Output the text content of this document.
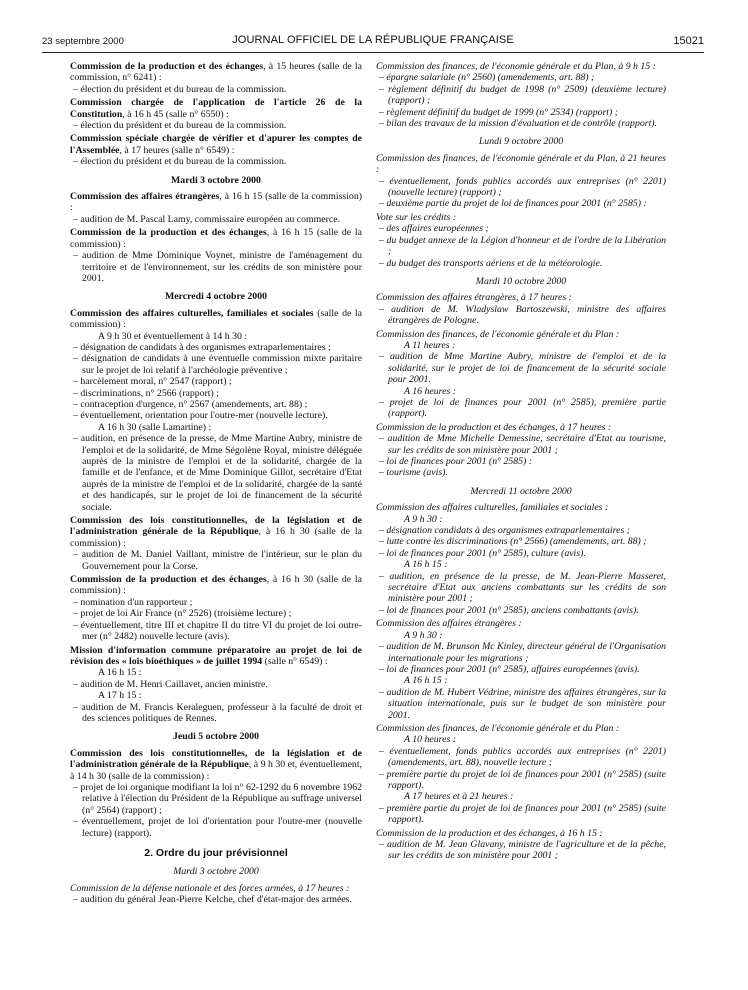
23 septembre 2000	JOURNAL OFFICIEL DE LA RÉPUBLIQUE FRANÇAISE	15021

Commission de la production et des échanges, à 15 heures (salle de la commission, n° 6241) :

– élection du président et du bureau de la commission.

Commission chargée de l'application de l'article 26 de la Constitution, à 16 h 45 (salle n° 6550) :

– élection du président et du bureau de la commission.

Commission spéciale chargée de vérifier et d'apurer les comptes de l'Assemblée, à 17 heures (salle n° 6549) :

– élection du président et du bureau de la commission.

Mardi 3 octobre 2000

Commission des affaires étrangères, à 16 h 15 (salle de la commission) :

– audition de M. Pascal Lamy, commissaire européen au commerce.

Commission de la production et des échanges, à 16 h 15 (salle de la commission) :

– audition de Mme Dominique Voynet, ministre de l'aménagement du territoire et de l'environnement, sur les crédits de son ministère pour 2001.

Mercredi 4 octobre 2000

Commission des affaires culturelles, familiales et sociales (salle de la commission) :

A 9 h 30 et éventuellement à 14 h 30 :

– désignation de candidats à des organismes extraparlementaires ;

– désignation de candidats à une éventuelle commission mixte paritaire sur le projet de loi relatif à l'archéologie préventive ;

– harcèlement moral, n° 2547 (rapport) ;

– discriminations, n° 2566 (rapport) ;

– contraception d'urgence, n° 2567 (amendements, art. 88) ;

– éventuellement, orientation pour l'outre-mer (nouvelle lecture).

A 16 h 30 (salle Lamartine) :

– audition, en présence de la presse, de Mme Martine Aubry, ministre de l'emploi et de la solidarité, de Mme Ségolène Royal, ministre déléguée auprès de la ministre de l'emploi et de la solidarité, chargée de la famille et de l'enfance, et de Mme Dominique Gillot, secrétaire d'Etat auprès de la ministre de l'emploi et de la solidarité, chargée de la santé et des handicapés, sur le projet de loi de financement de la sécurité sociale.

Commission des lois constitutionnelles, de la législation et de l'administration générale de la République, à 16 h 30 (salle de la commission) :

– audition de M. Daniel Vaillant, ministre de l'intérieur, sur le plan du Gouvernement pour la Corse.

Commission de la production et des échanges, à 16 h 30 (salle de la commission) :

– nomination d'un rapporteur ;

– projet de loi Air France (n° 2526) (troisième lecture) ;

– éventuellement, titre III et chapitre II du titre VI du projet de loi outre-mer (n° 2482) nouvelle lecture (avis).

Mission d'information commune préparatoire au projet de loi de révision des « lois bioéthiques » de juillet 1994 (salle n° 6549) :

A 16 h 15 :

– audition de M. Henri Caillavet, ancien ministre.

A 17 h 15 :

– audition de M. Francis Keraleguen, professeur à la faculté de droit et des sciences politiques de Rennes.

Jeudi 5 octobre 2000

Commission des lois constitutionnelles, de la législation et de l'administration générale de la République, à 9 h 30 et, éventuellement, à 14 h 30 (salle de la commission) :

– projet de loi organique modifiant la loi n° 62-1292 du 6 novembre 1962 relative à l'élection du Président de la République au suffrage universel (n° 2564) (rapport) ;

– éventuellement, projet de loi d'orientation pour l'outre-mer (nouvelle lecture) (rapport).

2. Ordre du jour prévisionnel

Mardi 3 octobre 2000

Commission de la défense nationale et des forces armées, à 17 heures :

– audition du général Jean-Pierre Kelche, chef d'état-major des armées.

Commission des finances, de l'économie générale et du Plan, à 9 h 15 :

– épargne salariale (n° 2560) (amendements, art. 88) ;

– règlement définitif du budget de 1998 (n° 2509) (deuxième lecture) (rapport) ;

– règlement définitif du budget de 1999 (n° 2534) (rapport) ;

– bilan des travaux de la mission d'évaluation et de contrôle (rapport).

Lundi 9 octobre 2000

Commission des finances, de l'économie générale et du Plan, à 21 heures :

– éventuellement, fonds publics accordés aux entreprises (n° 2201) (nouvelle lecture) (rapport) ;

– deuxième partie du projet de loi de finances pour 2001 (n° 2585) :

Vote sur les crédits :

– des affaires européennes ;

– du budget annexe de la Légion d'honneur et de l'ordre de la Libération ;

– du budget des transports aériens et de la météorologie.

Mardi 10 octobre 2000

Commission des affaires étrangères, à 17 heures :

– audition de M. Wladyslaw Bartoszewski, ministre des affaires étrangères de Pologne.

Commission des finances, de l'économie générale et du Plan :

A 11 heures :

– audition de Mme Martine Aubry, ministre de l'emploi et de la solidarité, sur le projet de loi de financement de la sécurité sociale pour 2001.

A 16 heures :

– projet de loi de finances pour 2001 (n° 2585), première partie (rapport).

Commission de la production et des échanges, à 17 heures :

– audition de Mme Michelle Demessine, secrétaire d'Etat au tourisme, sur les crédits de son ministère pour 2001 ;

– loi de finances pour 2001 (n° 2585) :

– tourisme (avis).

Mercredi 11 octobre 2000

Commission des affaires culturelles, familiales et sociales :

A 9 h 30 :

– désignation candidats à des organismes extraparlementaires ;

– lutte contre les discriminations (n° 2566) (amendements, art. 88) ;

– loi de finances pour 2001 (n° 2585), culture (avis).

A 16 h 15 :

– audition, en présence de la presse, de M. Jean-Pierre Masseret, secrétaire d'Etat aux anciens combattants sur les crédits de son ministère pour 2001 ;

– loi de finances pour 2001 (n° 2585), anciens combattants (avis).

Commission des affaires étrangères :

A 9 h 30 :

– audition de M. Brunson Mc Kinley, directeur général de l'Organisation internationale pour les migrations ;

– loi de finances pour 2001 (n° 2585), affaires européennes (avis).

A 16 h 15 :

– audition de M. Hubert Védrine, ministre des affaires étrangères, sur la situation internationale, puis sur le budget de son ministère pour 2001.

Commission des finances, de l'économie générale et du Plan :

A 10 heures :

– éventuellement, fonds publics accordés aux entreprises (n° 2201) (amendements, art. 88), nouvelle lecture ;

– première partie du projet de loi de finances pour 2001 (n° 2585) (suite rapport).

A 17 heures et à 21 heures :

– première partie du projet de loi de finances pour 2001 (n° 2585) (suite rapport).

Commission de la production et des échanges, à 16 h 15 :

– audition de M. Jean Glavany, ministre de l'agriculture et de la pêche, sur les crédits de son ministère pour 2001 ;
